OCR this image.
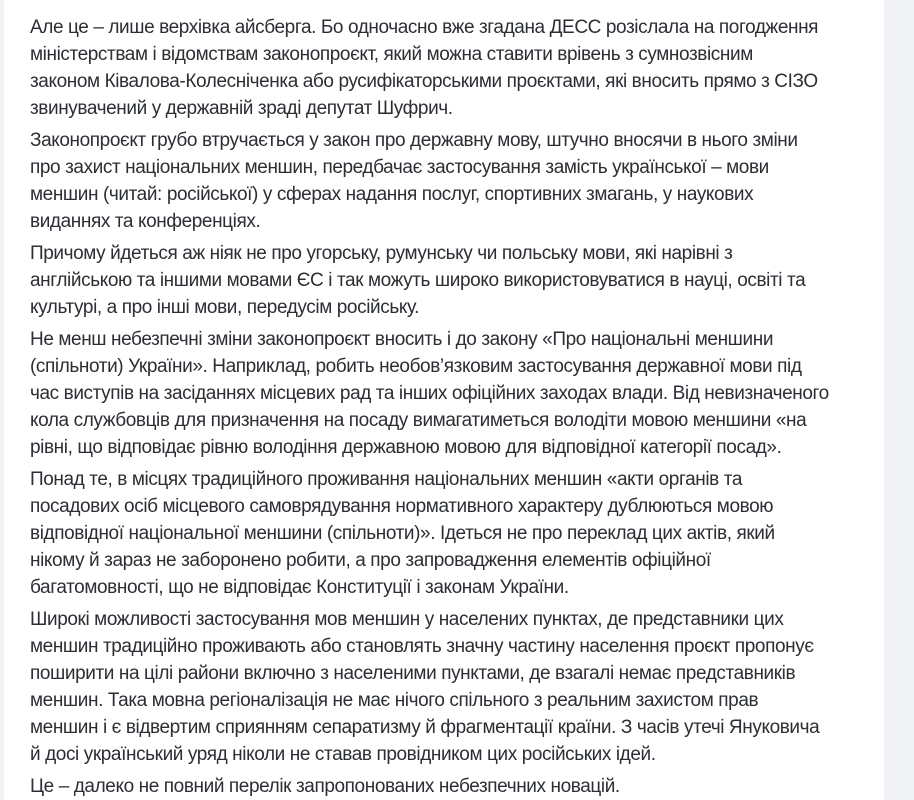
Але це – лише верхівка айсберга. Бо одночасно вже згадана ДЕСС розіслала на погодження
міністерствам і відомствам законопроєкт, який можна ставити врівень з сумнозвісним
законом Ківалова-Колесніченка або русифікаторськими проєктами, які вносить прямо з СІЗО
звинувачений у державній зраді депутат Шуфрич.

Законопроєкт грубо втручається у закон про державну мову, штучно вносячи в нього зміни
про захист національних меншин, передбачає застосування замість української – мови
меншин (читай: російської) у сферах надання послуг, спортивних змагань, у наукових
виданнях та конференціях.

Причому йдеться аж ніяк не про угорську, румунську чи польську мови, які нарівні з
англійською та іншими мовами ЄС і так можуть широко використовуватися в науці, освіті та
культурі, а про інші мови, передусім російську.

Не менш небезпечні зміни законопроєкт вносить і до закону «Про національні меншини
(спільноти) України». Наприклад, робить необов’язковим застосування державної мови під
час виступів на засіданнях місцевих рад та інших офіційних заходах влади. Від невизначеного
кола службовців для призначення на посаду вимагатиметься володіти мовою меншини «на
рівні, що відповідає рівню володіння державною мовою для відповідної категорії посад».

Понад те, в місцях традиційного проживання національних меншин «акти органів та
посадових осіб місцевого самоврядування нормативного характеру дублюються мовою
відповідної національної меншини (спільноти)». Ідеться не про переклад цих актів, який
нікому й зараз не заборонено робити, а про запровадження елементів офіційної
багатомовності, що не відповідає Конституції і законам України.

Широкі можливості застосування мов меншин у населених пунктах, де представники цих
меншин традиційно проживають або становлять значну частину населення проєкт пропонує
поширити на цілі райони включно з населеними пунктами, де взагалі немає представників
меншин. Така мовна регіоналізація не має нічого спільного з реальним захистом прав
меншин і є відвертим сприянням сепаратизму й фрагментації країни. З часів утечі Януковича
й досі український уряд ніколи не ставав провідником цих російських ідей.

Це – далеко не повний перелік запропонованих небезпечних новацій.
